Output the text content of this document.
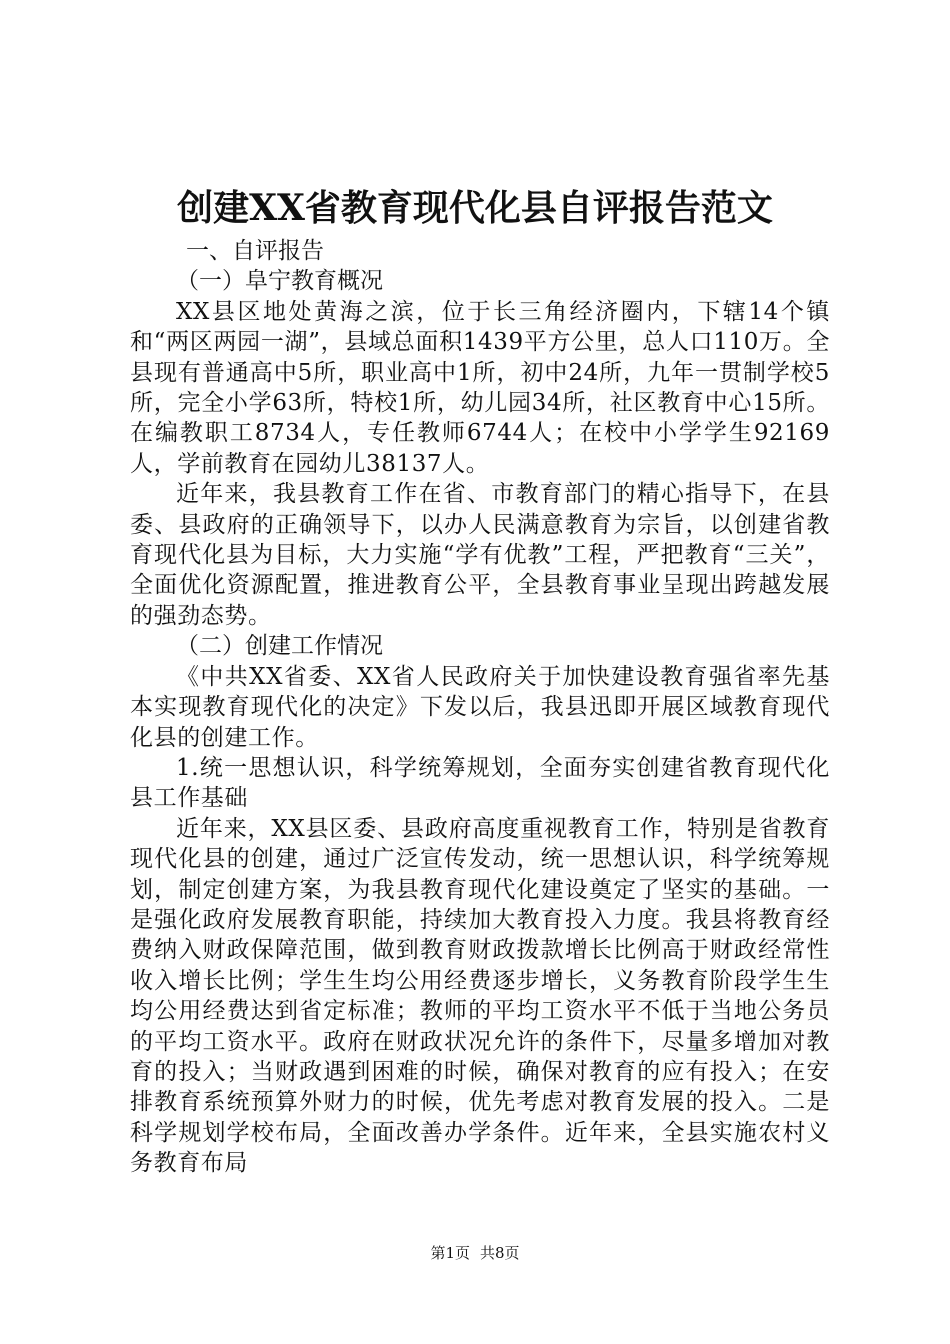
创建XX省教育现代化县自评报告范文

一、自评报告

（一）阜宁教育概况

XX县区地处黄海之滨，位于长三角经济圈内，下辖14个镇和“两区两园一湖”，县域总面积1439平方公里，总人口110万。全县现有普通高中5所，职业高中1所，初中24所，九年一贯制学校5所，完全小学63所，特校1所，幼儿园34所，社区教育中心15所。在编教职工8734人，专任教师6744人；在校中小学学生92169人，学前教育在园幼儿38137人。

近年来，我县教育工作在省、市教育部门的精心指导下，在县委、县政府的正确领导下，以办人民满意教育为宗旨，以创建省教育现代化县为目标，大力实施“学有优教”工程，严把教育“三关”，全面优化资源配置，推进教育公平，全县教育事业呈现出跨越发展的强劲态势。

（二）创建工作情况

《中共XX省委、XX省人民政府关于加快建设教育强省率先基本实现教育现代化的决定》下发以后，我县迅即开展区域教育现代化县的创建工作。

1.统一思想认识，科学统筹规划，全面夯实创建省教育现代化县工作基础

近年来，XX县区委、县政府高度重视教育工作，特别是省教育现代化县的创建，通过广泛宣传发动，统一思想认识，科学统筹规划，制定创建方案，为我县教育现代化建设奠定了坚实的基础。一是强化政府发展教育职能，持续加大教育投入力度。我县将教育经费纳入财政保障范围，做到教育财政拨款增长比例高于财政经常性收入增长比例；学生生均公用经费逐步增长，义务教育阶段学生生均公用经费达到省定标准；教师的平均工资水平不低于当地公务员的平均工资水平。政府在财政状况允许的条件下，尽量多增加对教育的投入；当财政遇到困难的时候，确保对教育的应有投入；在安排教育系统预算外财力的时候，优先考虑对教育发展的投入。二是科学规划学校布局，全面改善办学条件。近年来，全县实施农村义务教育布局

第1页 共8页
